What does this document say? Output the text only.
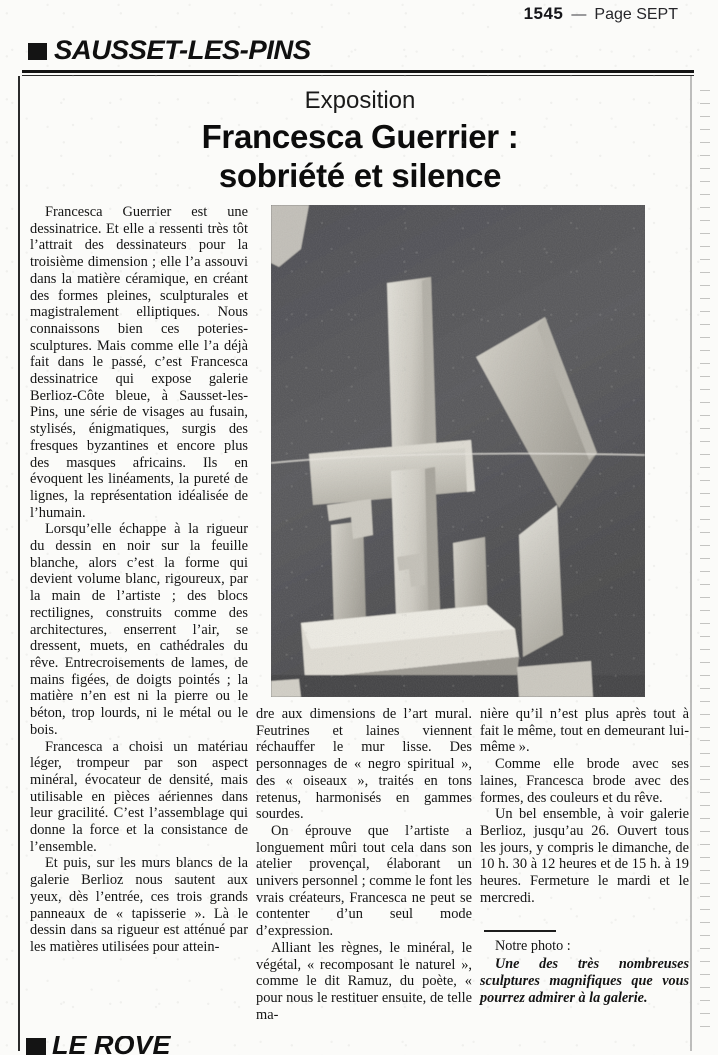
1545 — Page SEPT
SAUSSET-LES-PINS
Exposition
Francesca Guerrier :
sobriété et silence

Francesca Guerrier est une dessinatrice. Et elle a ressenti très tôt l’attrait des dessinateurs pour la troisième dimension ; elle l’a assouvi dans la matière céramique, en créant des formes pleines, sculpturales et magistralement elliptiques. Nous connaissons bien ces poteries-sculptures. Mais comme elle l’a déjà fait dans le passé, c’est Francesca dessinatrice qui expose galerie Berlioz-Côte bleue, à Sausset-les-Pins, une série de visages au fusain, stylisés, énigmatiques, surgis des fresques byzantines et encore plus des masques africains. Ils en évoquent les linéaments, la pureté de lignes, la représentation idéalisée de l’humain.

Lorsqu’elle échappe à la rigueur du dessin en noir sur la feuille blanche, alors c’est la forme qui devient volume blanc, rigoureux, par la main de l’artiste ; des blocs rectilignes, construits comme des architectures, enserrent l’air, se dressent, muets, en cathédrales du rêve. Entrecroisements de lames, de mains figées, de doigts pointés ; la matière n’en est ni la pierre ou le béton, trop lourds, ni le métal ou le bois.

Francesca a choisi un matériau léger, trompeur par son aspect minéral, évocateur de densité, mais utilisable en pièces aériennes dans leur gracilité. C’est l’assemblage qui donne la force et la consistance de l’ensemble.

Et puis, sur les murs blancs de la galerie Berlioz nous sautent aux yeux, dès l’entrée, ces trois grands panneaux de « tapisserie ». Là le dessin dans sa rigueur est atténué par les matières utilisées pour attein-

dre aux dimensions de l’art mural. Feutrines et laines viennent réchauffer le mur lisse. Des personnages de « negro spiritual », des « oiseaux », traités en tons retenus, harmonisés en gammes sourdes.

On éprouve que l’artiste a longuement mûri tout cela dans son atelier provençal, élaborant un univers personnel ; comme le font les vrais créateurs, Francesca ne peut se contenter d’un seul mode d’expression.

Alliant les règnes, le minéral, le végétal, « recomposant le naturel », comme le dit Ramuz, du poète, « pour nous le restituer ensuite, de telle ma-

nière qu’il n’est plus après tout à fait le même, tout en demeurant lui-même ».

Comme elle brode avec ses laines, Francesca brode avec des formes, des couleurs et du rêve.

Un bel ensemble, à voir galerie Berlioz, jusqu’au 26. Ouvert tous les jours, y compris le dimanche, de 10 h. 30 à 12 heures et de 15 h. à 19 heures. Fermeture le mardi et le mercredi.

Notre photo :
Une des très nombreuses sculptures magnifiques que vous pourrez admirer à la galerie.
LE ROVE
